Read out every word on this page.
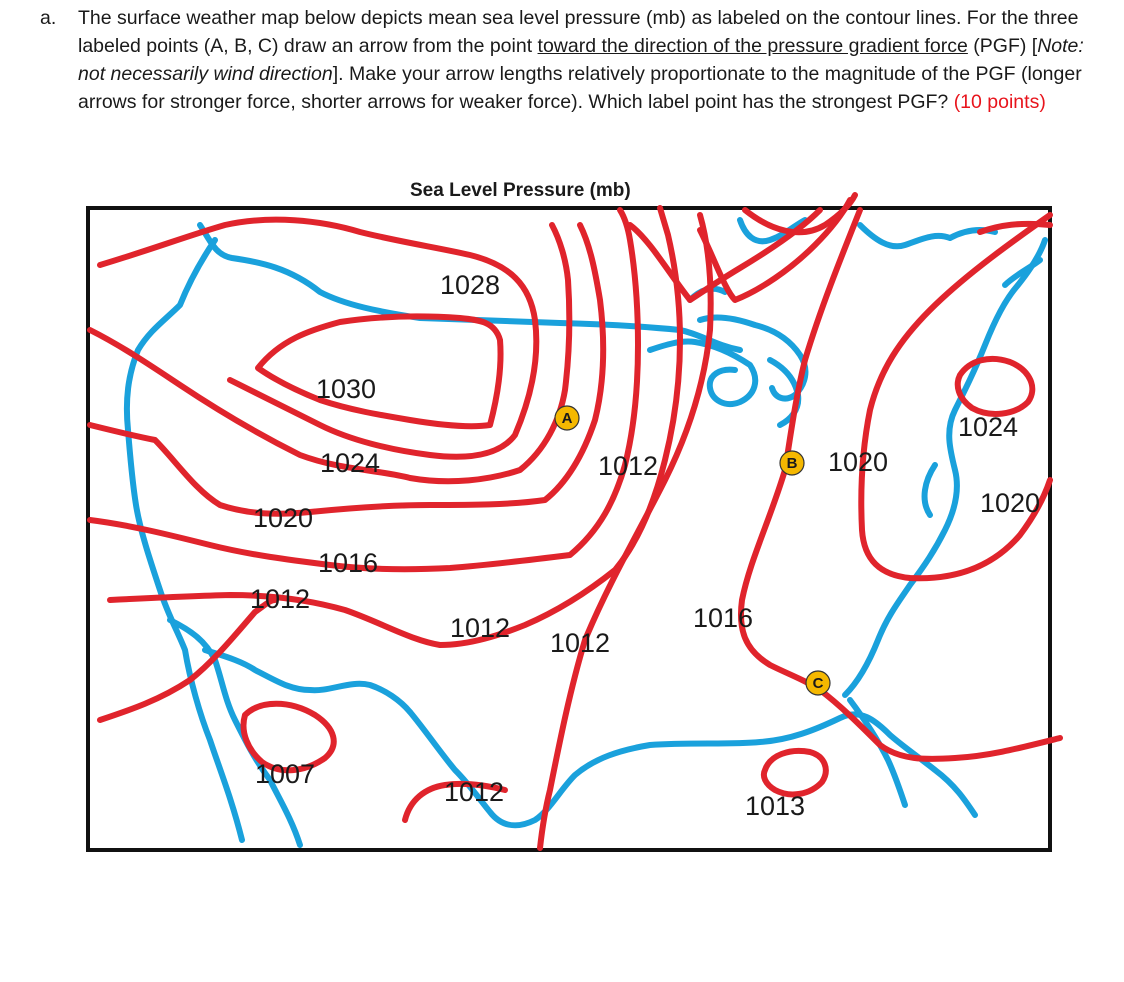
a. The surface weather map below depicts mean sea level pressure (mb) as labeled on the contour lines. For the three labeled points (A, B, C) draw an arrow from the point toward the direction of the pressure gradient force (PGF) [Note: not necessarily wind direction]. Make your arrow lengths relatively proportionate to the magnitude of the PGF (longer arrows for stronger force, shorter arrows for weaker force). Which label point has the strongest PGF? (10 points)
Sea Level Pressure (mb)
1028
1030
1024
1020
1016
1012
1012
1012 1012
1012
1007
1016
1020
1024
1020
1013
A
B
C
